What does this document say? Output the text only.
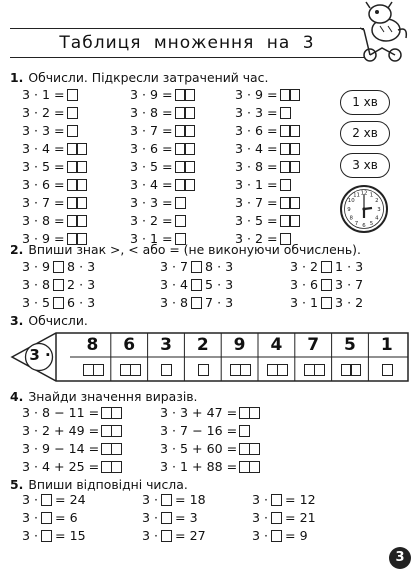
Таблиця множення на 3
1. Обчисли. Підкресли затрачений час.
3 · 1 =
3 · 2 =
3 · 3 =
3 · 4 =
3 · 5 =
3 · 6 =
3 · 7 =
3 · 8 =
3 · 9 =
3 · 9 =
3 · 8 =
3 · 7 =
3 · 6 =
3 · 5 =
3 · 4 =
3 · 3 =
3 · 2 =
3 · 1 =
3 · 9 =
3 · 3 =
3 · 6 =
3 · 4 =
3 · 8 =
3 · 1 =
3 · 7 =
3 · 5 =
3 · 2 =
1 хв
2 хв
3 хв
12 1
2
3
4
5
6
7
8
9
10
11
2. Впиши знак >, < або = (не виконуючи обчислень).
3 · 9 8 · 3
3 · 8 2 · 3
3 · 5 6 · 3
3 · 7 8 · 3
3 · 4 5 · 3
3 · 8 7 · 3
3 · 2 1 · 3
3 · 6 3 · 7
3 · 1 3 · 2
3. Обчисли.
3 ·	8	6	3	2	9	4	7	5	1
4. Знайди значення виразів.
3 · 8 − 11 =
3 · 2 + 49 =
3 · 9 − 14 =
3 · 4 + 25 =
3 · 3 + 47 =
3 · 7 − 16 =
3 · 5 + 60 =
3 · 1 + 88 =
5. Впиши відповідні числа.
3 · = 24
3 · = 6
3 · = 15
3 · = 18
3 · = 3
3 · = 27
3 · = 12
3 · = 21
3 · = 9
3
